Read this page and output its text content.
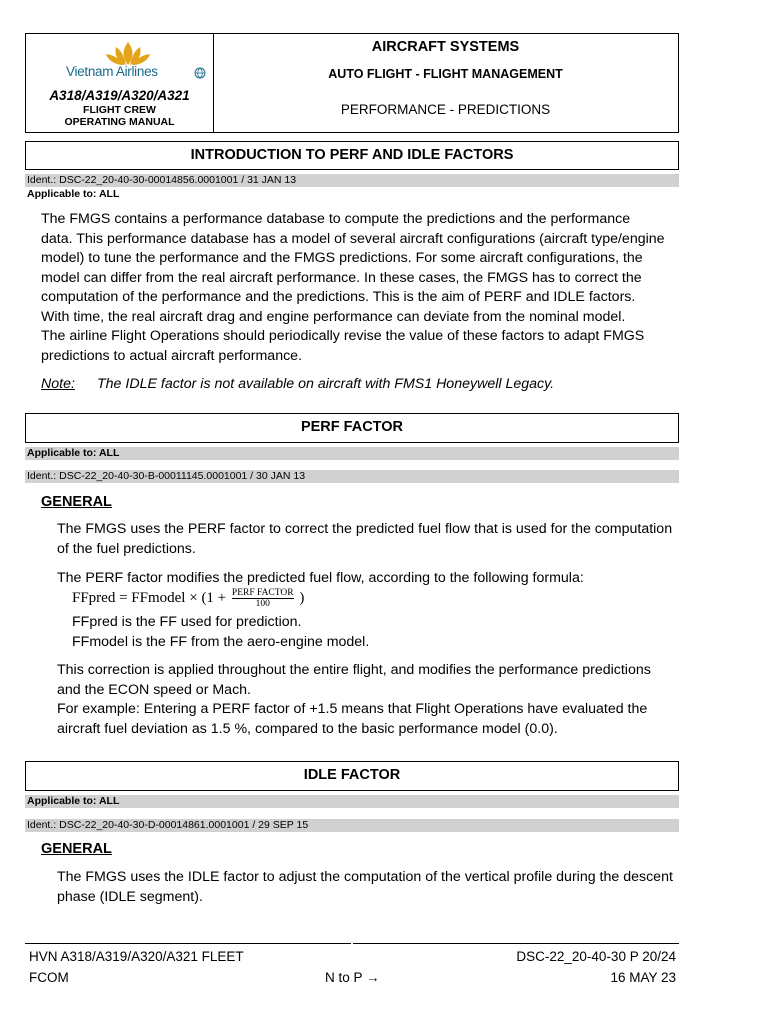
Vietnam Airlines
A318/A319/A320/A321
FLIGHT CREW
OPERATING MANUAL
AIRCRAFT SYSTEMS
AUTO FLIGHT - FLIGHT MANAGEMENT
PERFORMANCE - PREDICTIONS
INTRODUCTION TO PERF AND IDLE FACTORS
Ident.: DSC-22_20-40-30-00014856.0001001 / 31 JAN 13
Applicable to: ALL
The FMGS contains a performance database to compute the predictions and the performance
data. This performance database has a model of several aircraft configurations (aircraft type/engine
model) to tune the performance and the FMGS predictions. For some aircraft configurations, the
model can differ from the real aircraft performance. In these cases, the FMGS has to correct the
computation of the performance and the predictions. This is the aim of PERF and IDLE factors.
With time, the real aircraft drag and engine performance can deviate from the nominal model.
The airline Flight Operations should periodically revise the value of these factors to adapt FMGS
predictions to actual aircraft performance.
Note: The IDLE factor is not available on aircraft with FMS1 Honeywell Legacy.
PERF FACTOR
Applicable to: ALL
Ident.: DSC-22_20-40-30-B-00011145.0001001 / 30 JAN 13
GENERAL
The FMGS uses the PERF factor to correct the predicted fuel flow that is used for the computation
of the fuel predictions.
The PERF factor modifies the predicted fuel flow, according to the following formula:
FFpred = FFmodel × ($1 + \frac{\text{PERF FACTOR}}{100}$ )
FFpred is the FF used for prediction.
FFmodel is the FF from the aero-engine model.
This correction is applied throughout the entire flight, and modifies the performance predictions
and the ECON speed or Mach.
For example: Entering a PERF factor of +1.5 means that Flight Operations have evaluated the
aircraft fuel deviation as 1.5 %, compared to the basic performance model (0.0).
IDLE FACTOR
Applicable to: ALL
Ident.: DSC-22_20-40-30-D-00014861.0001001 / 29 SEP 15
GENERAL
The FMGS uses the IDLE factor to adjust the computation of the vertical profile during the descent
phase (IDLE segment).
HVN A318/A319/A320/A321 FLEET	DSC-22_20-40-30 P 20/24
FCOM	N to P →	16 MAY 23
